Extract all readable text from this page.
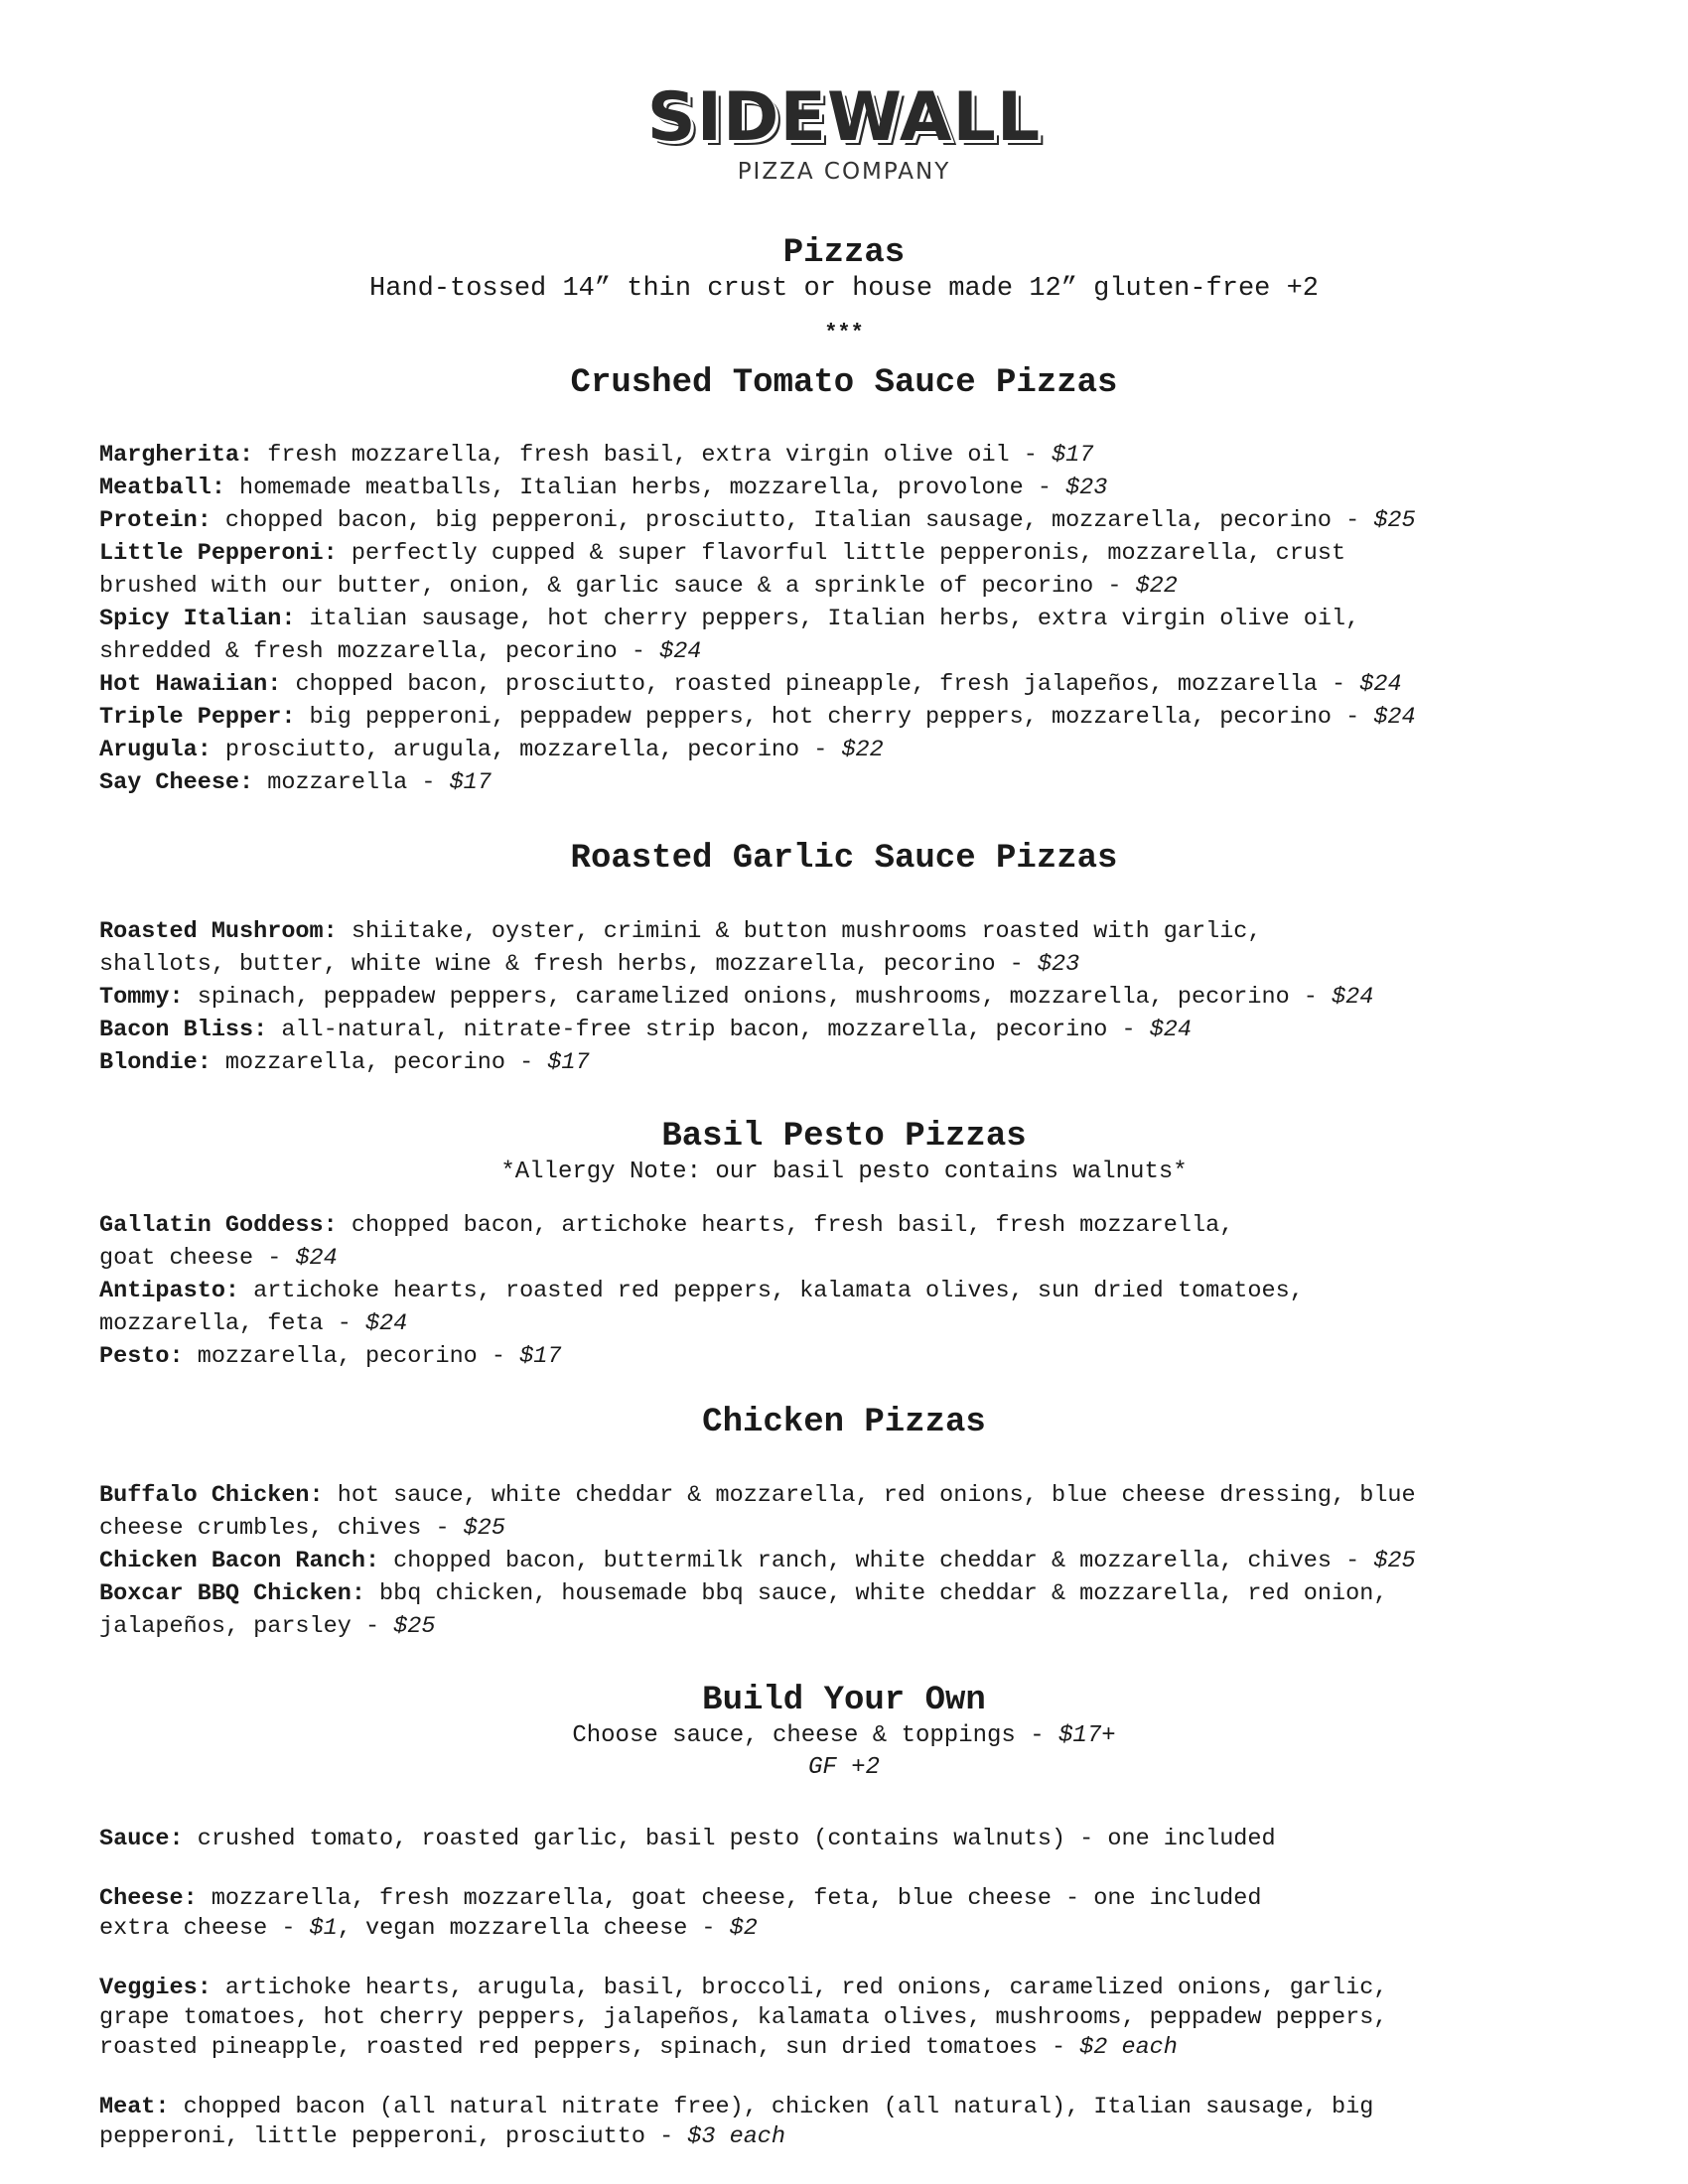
SIDEWALL
PIZZA COMPANY
Pizzas
Hand-tossed 14” thin crust or house made 12” gluten-free +2
***
Crushed Tomato Sauce Pizzas
Margherita: fresh mozzarella, fresh basil, extra virgin olive oil - $17
Meatball: homemade meatballs, Italian herbs, mozzarella, provolone - $23
Protein: chopped bacon, big pepperoni, prosciutto, Italian sausage, mozzarella, pecorino - $25
Little Pepperoni: perfectly cupped & super flavorful little pepperonis, mozzarella, crust
brushed with our butter, onion, & garlic sauce & a sprinkle of pecorino - $22
Spicy Italian: italian sausage, hot cherry peppers, Italian herbs, extra virgin olive oil,
shredded & fresh mozzarella, pecorino - $24
Hot Hawaiian: chopped bacon, prosciutto, roasted pineapple, fresh jalapeños, mozzarella - $24
Triple Pepper: big pepperoni, peppadew peppers, hot cherry peppers, mozzarella, pecorino - $24
Arugula: prosciutto, arugula, mozzarella, pecorino - $22
Say Cheese: mozzarella - $17
Roasted Garlic Sauce Pizzas
Roasted Mushroom: shiitake, oyster, crimini & button mushrooms roasted with garlic,
shallots, butter, white wine & fresh herbs, mozzarella, pecorino - $23
Tommy: spinach, peppadew peppers, caramelized onions, mushrooms, mozzarella, pecorino - $24
Bacon Bliss: all-natural, nitrate-free strip bacon, mozzarella, pecorino - $24
Blondie: mozzarella, pecorino - $17
Basil Pesto Pizzas
*Allergy Note: our basil pesto contains walnuts*
Gallatin Goddess: chopped bacon, artichoke hearts, fresh basil, fresh mozzarella,
goat cheese - $24
Antipasto: artichoke hearts, roasted red peppers, kalamata olives, sun dried tomatoes,
mozzarella, feta - $24
Pesto: mozzarella, pecorino - $17
Chicken Pizzas
Buffalo Chicken: hot sauce, white cheddar & mozzarella, red onions, blue cheese dressing, blue
cheese crumbles, chives - $25
Chicken Bacon Ranch: chopped bacon, buttermilk ranch, white cheddar & mozzarella, chives - $25
Boxcar BBQ Chicken: bbq chicken, housemade bbq sauce, white cheddar & mozzarella, red onion,
jalapeños, parsley - $25
Build Your Own
Choose sauce, cheese & toppings - $17+
GF +2
Sauce: crushed tomato, roasted garlic, basil pesto (contains walnuts) - one included
Cheese: mozzarella, fresh mozzarella, goat cheese, feta, blue cheese - one included
extra cheese - $1, vegan mozzarella cheese - $2
Veggies: artichoke hearts, arugula, basil, broccoli, red onions, caramelized onions, garlic,
grape tomatoes, hot cherry peppers, jalapeños, kalamata olives, mushrooms, peppadew peppers,
roasted pineapple, roasted red peppers, spinach, sun dried tomatoes - $2 each
Meat: chopped bacon (all natural nitrate free), chicken (all natural), Italian sausage, big
pepperoni, little pepperoni, prosciutto - $3 each
